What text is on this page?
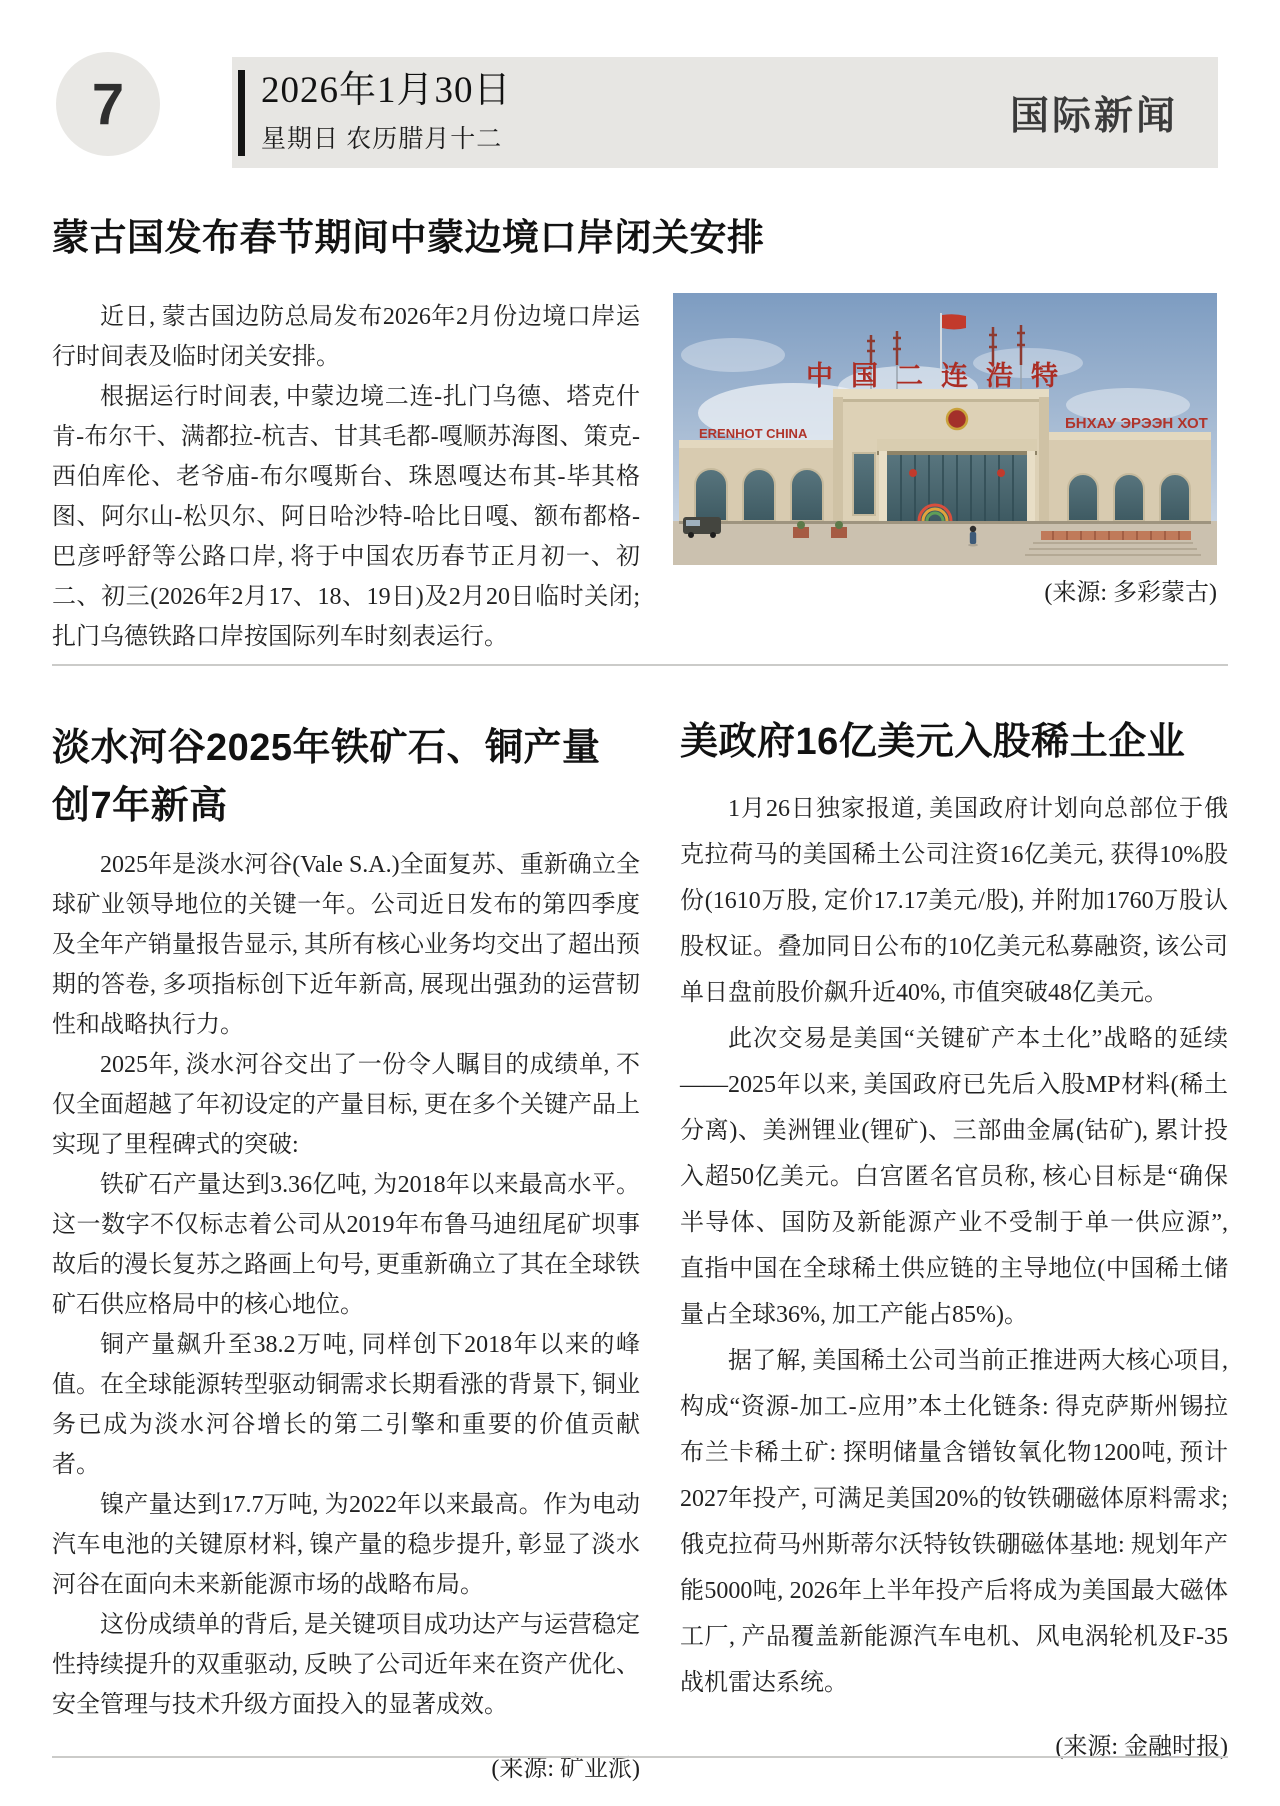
7	2026年1月30日
星期日 农历腊月十二
国际新闻
蒙古国发布春节期间中蒙边境口岸闭关安排

近日, 蒙古国边防总局发布2026年2月份边境口岸运行时间表及临时闭关安排。

根据运行时间表, 中蒙边境二连-扎门乌德、塔克什肯-布尔干、满都拉-杭吉、甘其毛都-嘎顺苏海图、策克-西伯库伦、老爷庙-布尔嘎斯台、珠恩嘎达布其-毕其格图、阿尔山-松贝尔、阿日哈沙特-哈比日嘎、额布都格-巴彦呼舒等公路口岸, 将于中国农历春节正月初一、初二、初三(2026年2月17、18、19日)及2月20日临时关闭; 扎门乌德铁路口岸按国际列车时刻表运行。

中国二连浩特
ERENHOT CHINA
БНХАУ ЭРЭЭН ХОТ
(来源: 多彩蒙古)
淡水河谷2025年铁矿石、铜产量
创7年新高

2025年是淡水河谷(Vale S.A.)全面复苏、重新确立全球矿业领导地位的关键一年。公司近日发布的第四季度及全年产销量报告显示, 其所有核心业务均交出了超出预期的答卷, 多项指标创下近年新高, 展现出强劲的运营韧性和战略执行力。

2025年, 淡水河谷交出了一份令人瞩目的成绩单, 不仅全面超越了年初设定的产量目标, 更在多个关键产品上实现了里程碑式的突破:

铁矿石产量达到3.36亿吨, 为2018年以来最高水平。这一数字不仅标志着公司从2019年布鲁马迪纽尾矿坝事故后的漫长复苏之路画上句号, 更重新确立了其在全球铁矿石供应格局中的核心地位。

铜产量飙升至38.2万吨, 同样创下2018年以来的峰值。在全球能源转型驱动铜需求长期看涨的背景下, 铜业务已成为淡水河谷增长的第二引擎和重要的价值贡献者。

镍产量达到17.7万吨, 为2022年以来最高。作为电动汽车电池的关键原材料, 镍产量的稳步提升, 彰显了淡水河谷在面向未来新能源市场的战略布局。

这份成绩单的背后, 是关键项目成功达产与运营稳定性持续提升的双重驱动, 反映了公司近年来在资产优化、安全管理与技术升级方面投入的显著成效。

(来源: 矿业派)
美政府16亿美元入股稀土企业

1月26日独家报道, 美国政府计划向总部位于俄克拉荷马的美国稀土公司注资16亿美元, 获得10%股份(1610万股, 定价17.17美元/股), 并附加1760万股认股权证。叠加同日公布的10亿美元私募融资, 该公司单日盘前股价飙升近40%, 市值突破48亿美元。

此次交易是美国“关键矿产本土化”战略的延续——2025年以来, 美国政府已先后入股MP材料(稀土分离)、美洲锂业(锂矿)、三部曲金属(钴矿), 累计投入超50亿美元。白宫匿名官员称, 核心目标是“确保半导体、国防及新能源产业不受制于单一供应源”, 直指中国在全球稀土供应链的主导地位(中国稀土储量占全球36%, 加工产能占85%)。

据了解, 美国稀土公司当前正推进两大核心项目, 构成“资源-加工-应用”本土化链条: 得克萨斯州锡拉布兰卡稀土矿: 探明储量含镨钕氧化物1200吨, 预计2027年投产, 可满足美国20%的钕铁硼磁体原料需求; 俄克拉荷马州斯蒂尔沃特钕铁硼磁体基地: 规划年产能5000吨, 2026年上半年投产后将成为美国最大磁体工厂, 产品覆盖新能源汽车电机、风电涡轮机及F-35战机雷达系统。

(来源: 金融时报)
